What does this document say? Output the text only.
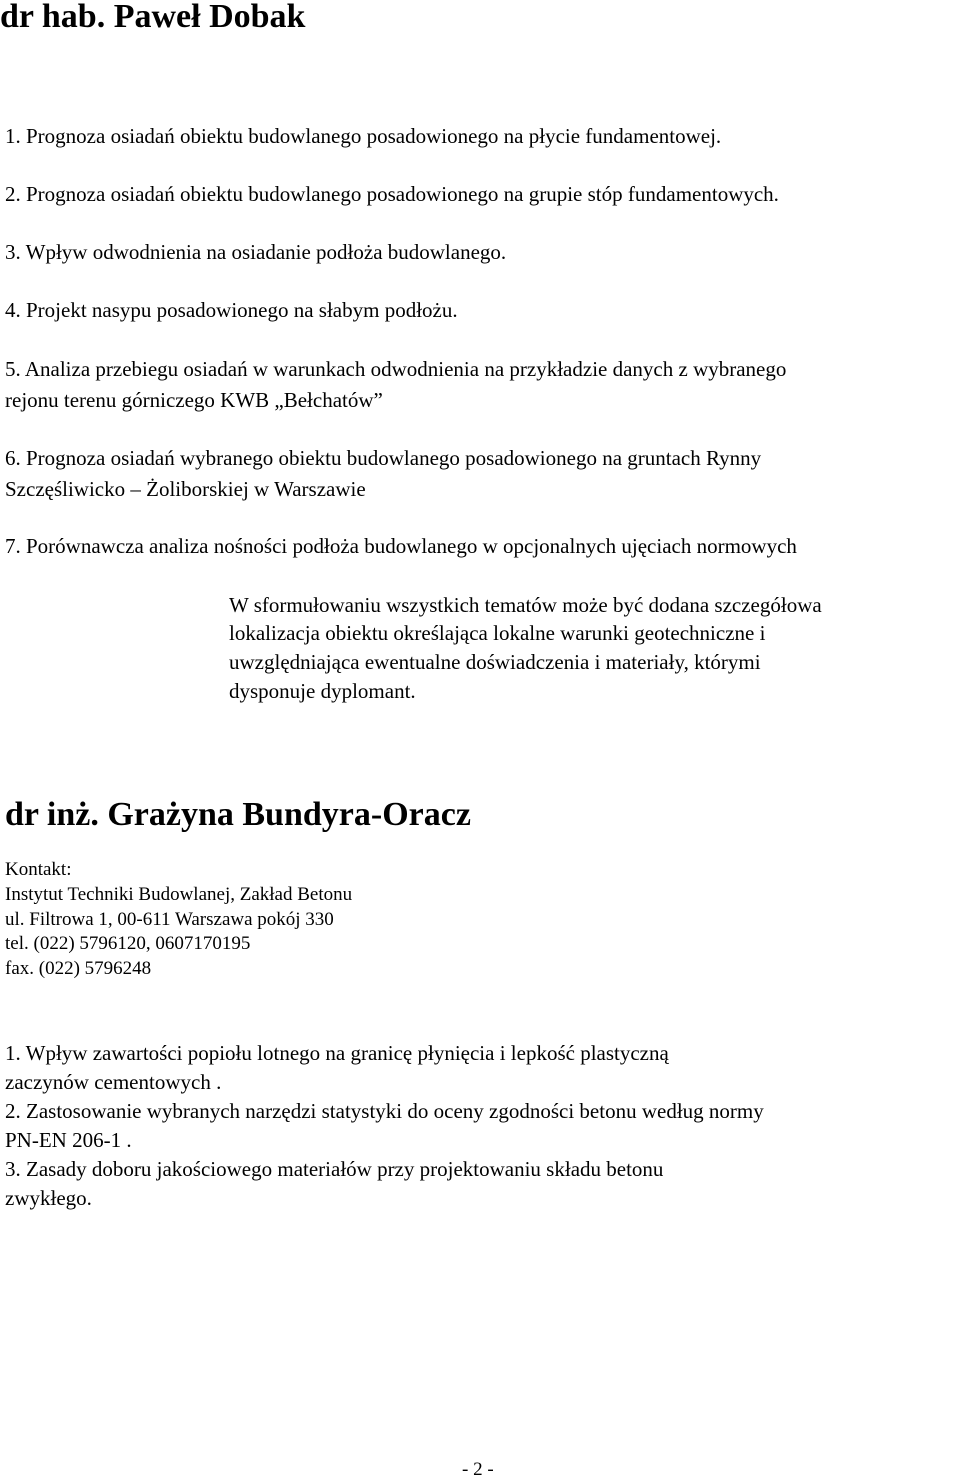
dr hab. Paweł Dobak
1. Prognoza osiadań obiektu budowlanego posadowionego na płycie fundamentowej.
2. Prognoza osiadań obiektu budowlanego posadowionego na grupie stóp fundamentowych.
3. Wpływ odwodnienia na osiadanie podłoża budowlanego.
4. Projekt nasypu posadowionego na słabym podłożu.
5. Analiza przebiegu osiadań w warunkach odwodnienia na przykładzie danych z wybranego
rejonu terenu górniczego KWB „Bełchatów”
6. Prognoza osiadań wybranego obiektu budowlanego posadowionego na gruntach Rynny
Szczęśliwicko – Żoliborskiej w Warszawie
7. Porównawcza analiza nośności podłoża budowlanego w opcjonalnych ujęciach normowych
W sformułowaniu wszystkich tematów może być dodana szczegółowa
lokalizacja obiektu określająca lokalne warunki geotechniczne i
uwzględniająca ewentualne doświadczenia i materiały, którymi
dysponuje dyplomant.
dr inż. Grażyna Bundyra-Oracz
Kontakt:
Instytut Techniki Budowlanej, Zakład Betonu
ul. Filtrowa 1, 00-611 Warszawa pokój 330
tel. (022) 5796120, 0607170195
fax. (022) 5796248
1. Wpływ zawartości popiołu lotnego na granicę płynięcia i lepkość plastyczną
zaczynów cementowych .
2. Zastosowanie wybranych narzędzi statystyki do oceny zgodności betonu według normy
PN-EN 206-1 .
3. Zasady doboru jakościowego materiałów przy projektowaniu składu betonu
zwykłego.
- 2 -
